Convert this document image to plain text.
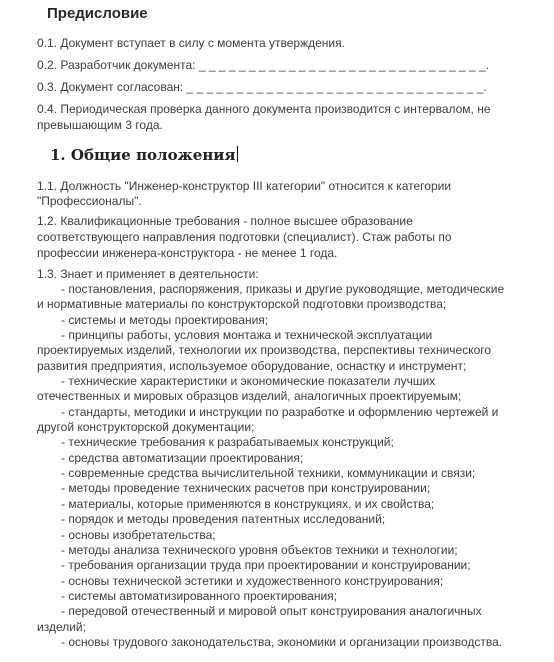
Предисловие
0.1. Документ вступает в силу с момента утверждения.
0.2. Разработчик документа: _ _ _ _ _ _ _ _ _ _ _ _ _ _ _ _ _ _ _ _ _ _ _ _ _ _ _ _ _.
0.3. Документ согласован: _ _ _ _ _ _ _ _ _ _ _ _ _ _ _ _ _ _ _ _ _ _ _ _ _ _ _ _ _ _.
0.4. Периодическая проверка данного документа производится с интервалом, не
превышающим 3 года.
1. Общие положения
1.1. Должность "Инженер-конструктор III категории" относится к категории
"Профессионалы".
1.2. Квалификационные требования - полное высшее образование
соответствующего направления подготовки (специалист). Стаж работы по
профессии инженера-конструктора - не менее 1 года.
1.3. Знает и применяет в деятельности:
- постановления, распоряжения, приказы и другие руководящие, методические
и нормативные материалы по конструкторской подготовки производства;
- системы и методы проектирования;
- принципы работы, условия монтажа и технической эксплуатации
проектируемых изделий, технологии их производства, перспективы технического
развития предприятия, используемое оборудование, оснастку и инструмент;
- технические характеристики и экономические показатели лучших
отечественных и мировых образцов изделий, аналогичных проектируемым;
- стандарты, методики и инструкции по разработке и оформлению чертежей и
другой конструкторской документации;
- технические требования к разрабатываемых конструкций;
- средства автоматизации проектирования;
- современные средства вычислительной техники, коммуникации и связи;
- методы проведение технических расчетов при конструировании;
- материалы, которые применяются в конструкциях, и их свойства;
- порядок и методы проведения патентных исследований;
- основы изобретательства;
- методы анализа технического уровня объектов техники и технологии;
- требования организации труда при проектировании и конструировании;
- основы технической эстетики и художественного конструирования;
- системы автоматизированного проектирования;
- передовой отечественный и мировой опыт конструирования аналогичных
изделий;
- основы трудового законодательства, экономики и организации производства.
